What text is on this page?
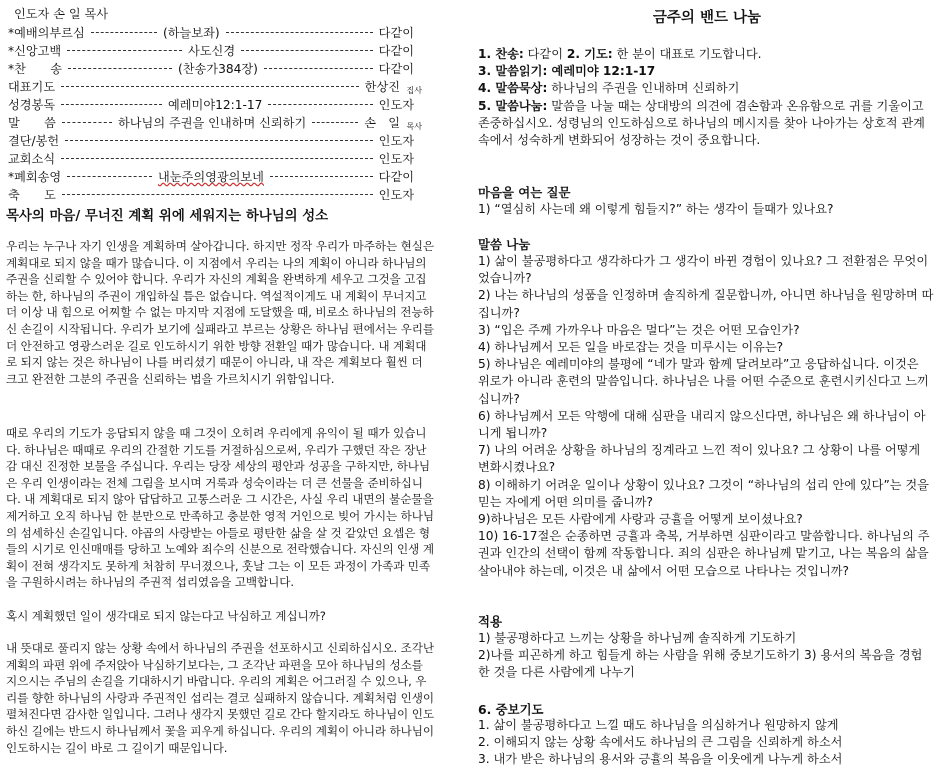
인도자 손 일 목사
*예배의부르심	(하늘보좌)	다같이
*신앙고백	사도신경	다같이
*찬　　송	(찬송가384장)	다같이
대표기도	한상진 집사
성경봉독	예레미야12:1-17	인도자
말　　씀	하나님의 주권을 인내하며 신뢰하기	손　일 목사
결단/봉헌	인도자
교회소식	인도자
*폐회송영	내눈주의영광의보네	다같이
축　　도	인도자
목사의 마음/ 무너진 계획 위에 세워지는 하나님의 성소

우리는 누구나 자기 인생을 계획하며 살아갑니다. 하지만 정작 우리가 마주하는 현실은 계획대로 되지 않을 때가 많습니다. 이 지점에서 우리는 나의 계획이 아니라 하나님의 주권을 신뢰할 수 있어야 합니다. 우리가 자신의 계획을 완벽하게 세우고 그것을 고집하는 한, 하나님의 주권이 개입하실 틈은 없습니다. 역설적이게도 내 계획이 무너지고 더 이상 내 힘으로 어찌할 수 없는 마지막 지점에 도달했을 때, 비로소 하나님의 전능하신 손길이 시작됩니다. 우리가 보기에 실패라고 부르는 상황은 하나님 편에서는 우리를 더 안전하고 영광스러운 길로 인도하시기 위한 방향 전환일 때가 많습니다. 내 계획대로 되지 않는 것은 하나님이 나를 버리셨기 때문이 아니라, 내 작은 계획보다 훨씬 더 크고 완전한 그분의 주권을 신뢰하는 법을 가르치시기 위함입니다.

때로 우리의 기도가 응답되지 않을 때 그것이 오히려 우리에게 유익이 될 때가 있습니다. 하나님은 때때로 우리의 간절한 기도를 거절하심으로써, 우리가 구했던 작은 장난감 대신 진정한 보물을 주십니다. 우리는 당장 세상의 평안과 성공을 구하지만, 하나님은 우리 인생이라는 전체 그림을 보시며 거룩과 성숙이라는 더 큰 선물을 준비하십니다. 내 계획대로 되지 않아 답답하고 고통스러운 그 시간은, 사실 우리 내면의 불순물을 제거하고 오직 하나님 한 분만으로 만족하고 충분한 영적 거인으로 빚어 가시는 하나님의 섬세하신 손길입니다. 야곱의 사랑받는 아들로 평탄한 삶을 살 것 같았던 요셉은 형들의 시기로 인신매매를 당하고 노예와 죄수의 신분으로 전락했습니다. 자신의 인생 계획이 전혀 생각지도 못하게 처참히 무너졌으나, 훗날 그는 이 모든 과정이 가족과 민족을 구원하시려는 하나님의 주권적 섭리였음을 고백합니다.

혹시 계획했던 일이 생각대로 되지 않는다고 낙심하고 계십니까?

내 뜻대로 풀리지 않는 상황 속에서 하나님의 주권을 선포하시고 신뢰하십시오. 조각난 계획의 파편 위에 주저앉아 낙심하기보다는, 그 조각난 파편을 모아 하나님의 성소를 지으시는 주님의 손길을 기대하시기 바랍니다. 우리의 계획은 어그러질 수 있으나, 우리를 향한 하나님의 사랑과 주권적인 섭리는 결코 실패하지 않습니다. 계획처럼 인생이 펼쳐진다면 감사한 일입니다. 그러나 생각지 못했던 길로 간다 할지라도 하나님이 인도하신 길에는 반드시 하나님께서 꽃을 피우게 하십니다. 우리의 계획이 아니라 하나님이 인도하시는 길이 바로 그 길이기 때문입니다.

금주의 밴드 나눔

1. 찬송: 다같이 2. 기도: 한 분이 대표로 기도합니다.

3. 말씀읽기: 예레미야 12:1-17

4. 말씀묵상: 하나님의 주권을 인내하며 신뢰하기

5. 말씀나눔: 말씀을 나눌 때는 상대방의 의견에 겸손함과 온유함으로 귀를 기울이고 존중하십시오. 성령님의 인도하심으로 하나님의 메시지를 찾아 나아가는 상호적 관계 속에서 성숙하게 변화되어 성장하는 것이 중요합니다.

마음을 여는 질문

1) “열심히 사는데 왜 이렇게 힘들지?” 하는 생각이 들때가 있나요?

말씀 나눔

1) 삶이 불공평하다고 생각하다가 그 생각이 바뀐 경험이 있나요? 그 전환점은 무엇이었습니까?

2) 나는 하나님의 성품을 인정하며 솔직하게 질문합니까, 아니면 하나님을 원망하며 따집니까?

3) “입은 주께 가까우나 마음은 멀다”는 것은 어떤 모습인가?

4) 하나님께서 모든 일을 바로잡는 것을 미루시는 이유는?

5) 하나님은 예레미야의 불평에 “네가 말과 함께 달려보라”고 응답하십니다. 이것은 위로가 아니라 훈련의 말씀입니다. 하나님은 나를 어떤 수준으로 훈련시키신다고 느끼십니까?

6) 하나님께서 모든 악행에 대해 심판을 내리지 않으신다면, 하나님은 왜 하나님이 아니게 됩니까?

7) 나의 어려운 상황을 하나님의 징계라고 느낀 적이 있나요? 그 상황이 나를 어떻게 변화시켰나요?

8) 이해하기 어려운 일이나 상황이 있나요? 그것이 “하나님의 섭리 안에 있다”는 것을 믿는 자에게 어떤 의미를 줍니까?

9)하나님은 모든 사람에게 사랑과 긍휼을 어떻게 보이셨나요?

10) 16-17절은 순종하면 긍휼과 축복, 거부하면 심판이라고 말씀합니다. 하나님의 주권과 인간의 선택이 함께 작동합니다. 죄의 심판은 하나님께 맡기고, 나는 복음의 삶을 살아내야 하는데, 이것은 내 삶에서 어떤 모습으로 나타나는 것입니까?

적용

1) 불공평하다고 느끼는 상황을 하나님께 솔직하게 기도하기

2)나를 피곤하게 하고 힘들게 하는 사람을 위해 중보기도하기 3) 용서의 복음을 경험한 것을 다른 사람에게 나누기

6. 중보기도

1. 삶이 불공평하다고 느낄 때도 하나님을 의심하거나 원망하지 않게

2. 이해되지 않는 상황 속에서도 하나님의 큰 그림을 신뢰하게 하소서

3. 내가 받은 하나님의 용서와 긍휼의 복음을 이웃에게 나누게 하소서
